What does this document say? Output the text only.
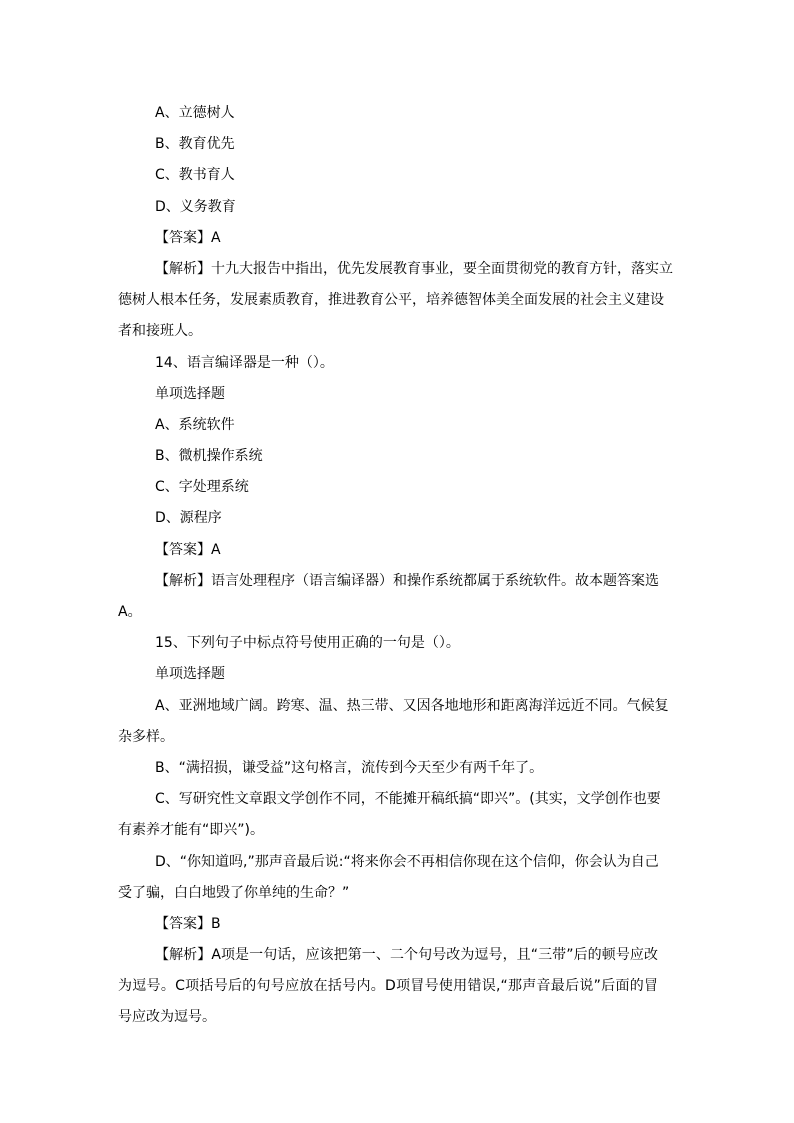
A、立德树人
B、教育优先
C、教书育人
D、义务教育
【答案】A
【解析】十九大报告中指出，优先发展教育事业，要全面贯彻党的教育方针，落实立
德树人根本任务，发展素质教育，推进教育公平，培养德智体美全面发展的社会主义建设
者和接班人。
14、语言编译器是一种（）。
单项选择题
A、系统软件
B、微机操作系统
C、字处理系统
D、源程序
【答案】A
【解析】语言处理程序（语言编译器）和操作系统都属于系统软件。故本题答案选
A。
15、下列句子中标点符号使用正确的一句是（）。
单项选择题
A、亚洲地域广阔。跨寒、温、热三带、又因各地地形和距离海洋远近不同。气候复
杂多样。
B、“满招损，谦受益”这句格言，流传到今天至少有两千年了。
C、写研究性文章跟文学创作不同，不能摊开稿纸搞“即兴”。(其实，文学创作也要
有素养才能有“即兴”)。
D、“你知道吗,”那声音最后说:“将来你会不再相信你现在这个信仰，你会认为自己
受了骗，白白地毁了你单纯的生命？”
【答案】B
【解析】A项是一句话，应该把第一、二个句号改为逗号，且“三带”后的顿号应改
为逗号。C项括号后的句号应放在括号内。D项冒号使用错误,“那声音最后说”后面的冒
号应改为逗号。
